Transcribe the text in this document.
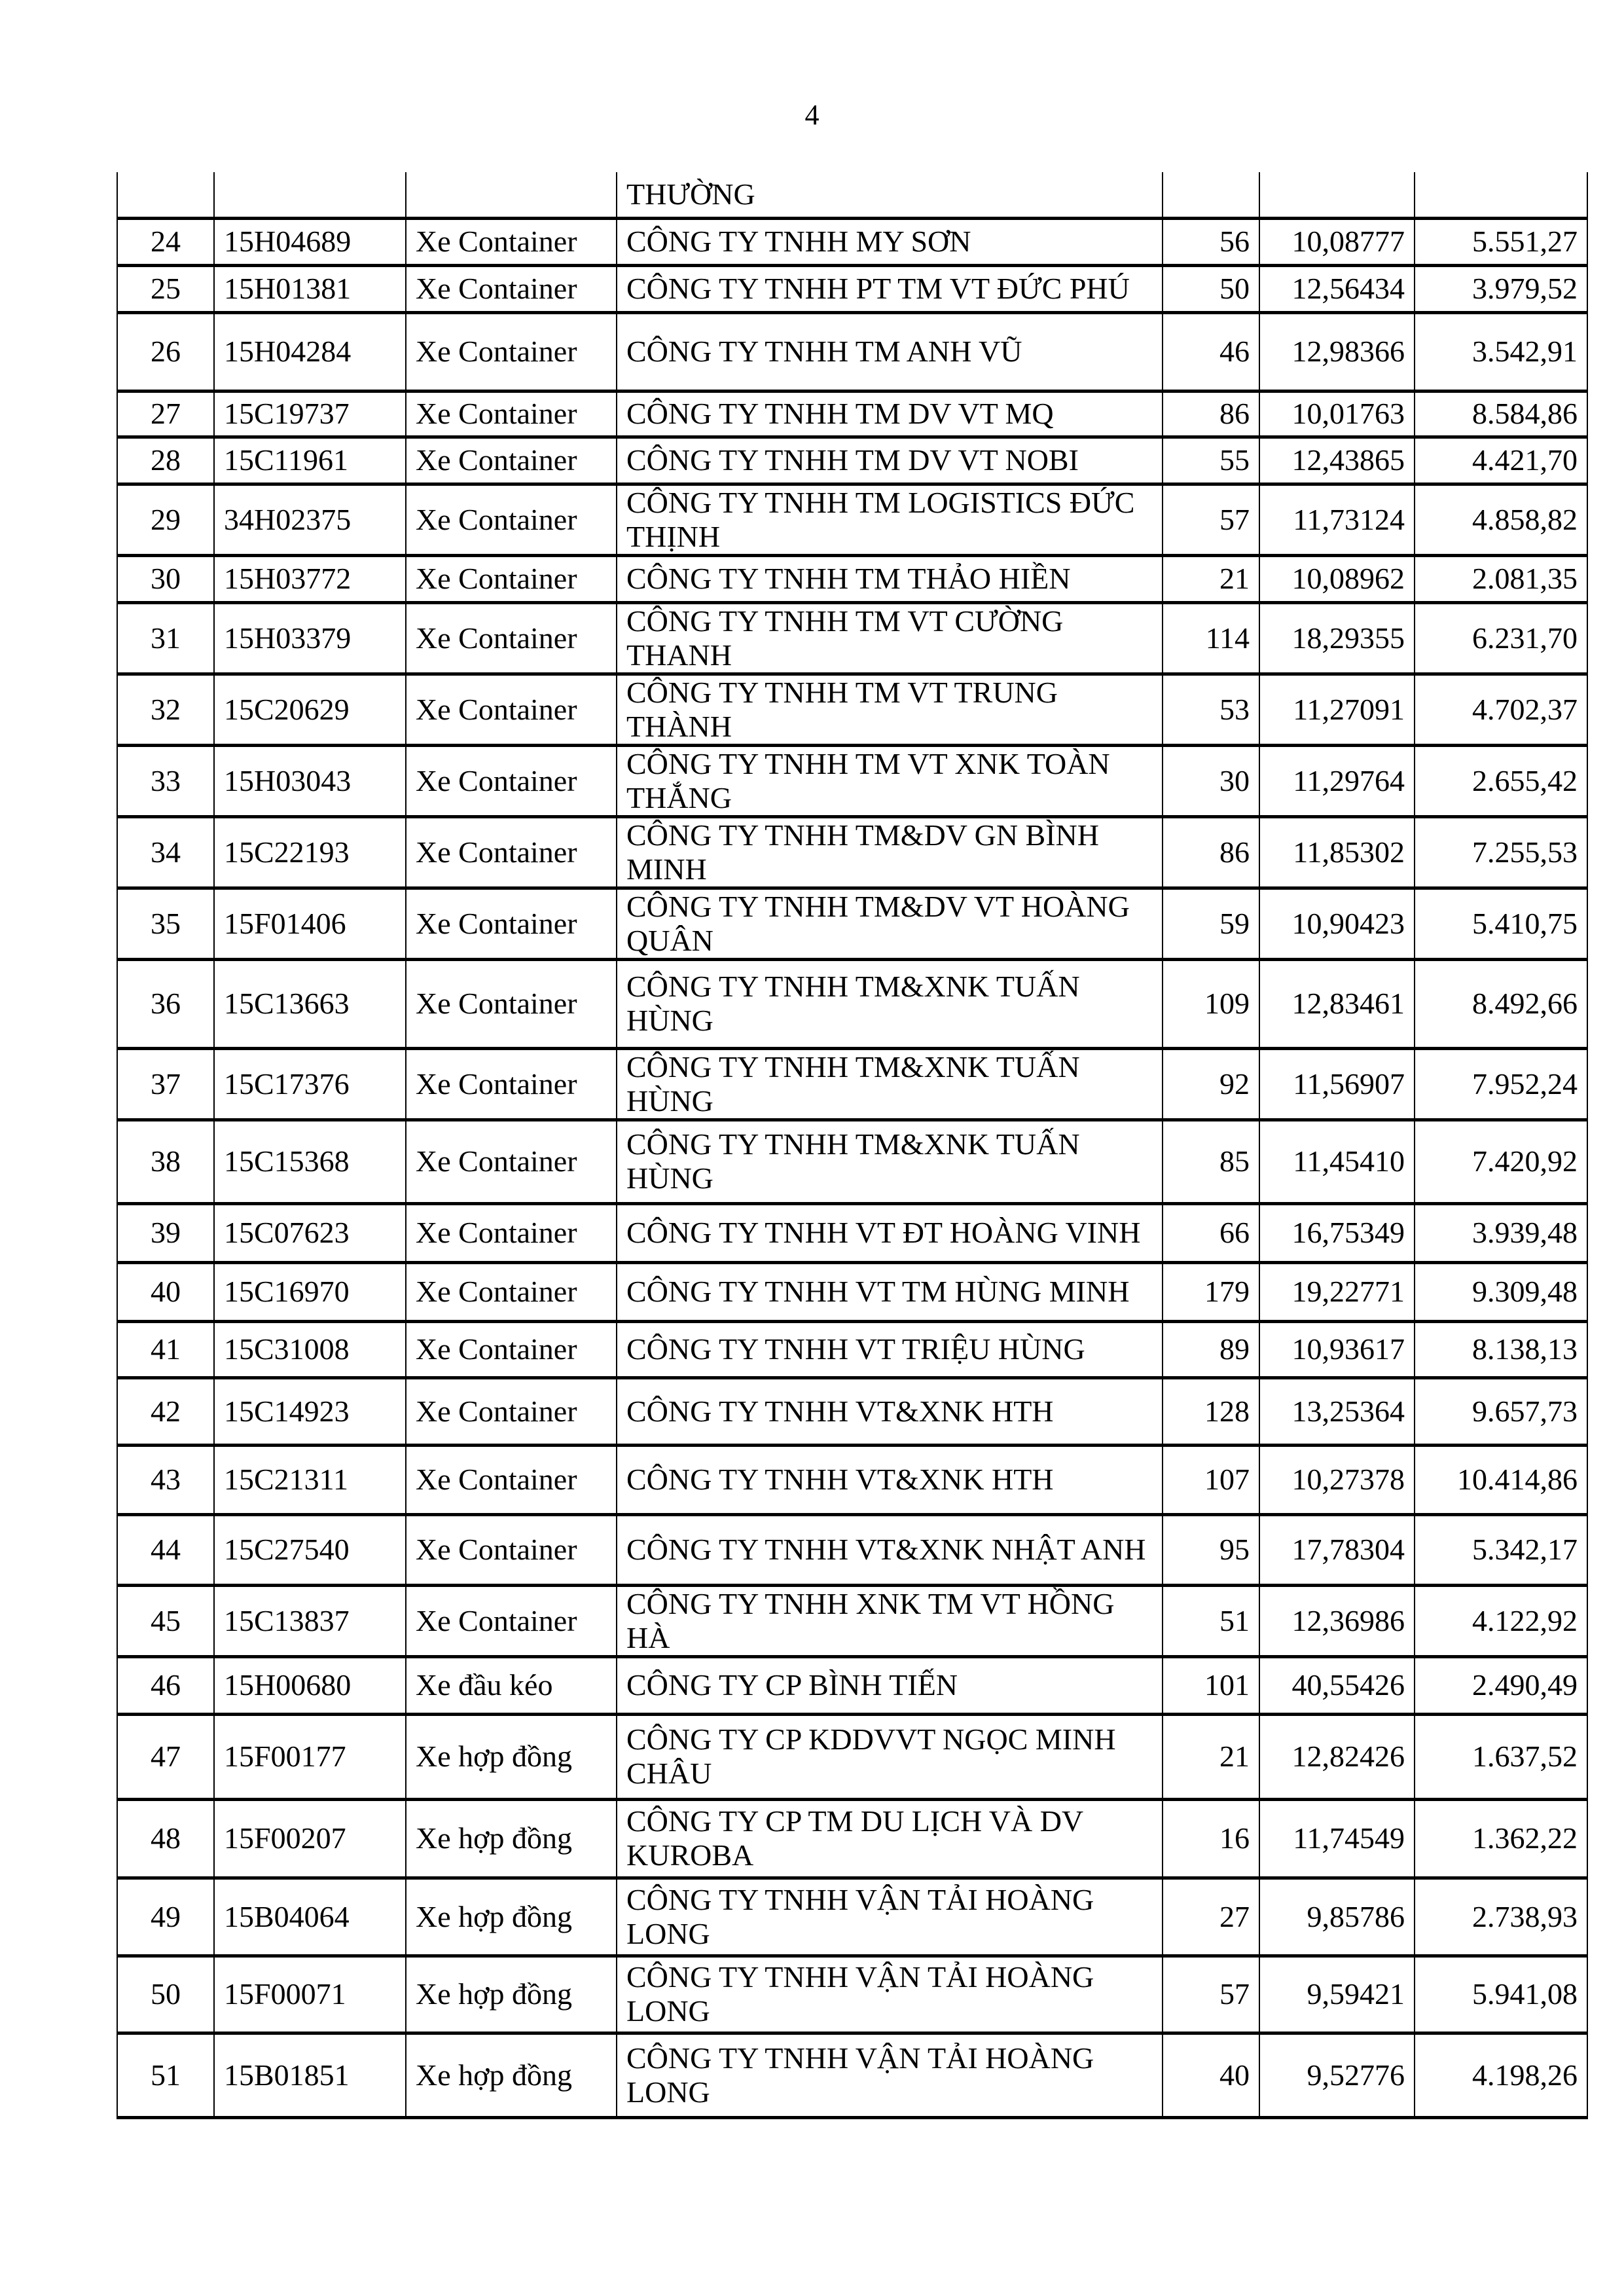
4
			THƯỜNG			
24	15H04689	Xe Container	CÔNG TY TNHH MY SƠN	56	10,08777	5.551,27
25	15H01381	Xe Container	CÔNG TY TNHH PT TM VT ĐỨC PHÚ	50	12,56434	3.979,52
26	15H04284	Xe Container	CÔNG TY TNHH TM ANH VŨ	46	12,98366	3.542,91
27	15C19737	Xe Container	CÔNG TY TNHH TM DV VT MQ	86	10,01763	8.584,86
28	15C11961	Xe Container	CÔNG TY TNHH TM DV VT NOBI	55	12,43865	4.421,70
29	34H02375	Xe Container	CÔNG TY TNHH TM LOGISTICS ĐỨC THỊNH	57	11,73124	4.858,82
30	15H03772	Xe Container	CÔNG TY TNHH TM THẢO HIỀN	21	10,08962	2.081,35
31	15H03379	Xe Container	CÔNG TY TNHH TM VT CƯỜNG THANH	114	18,29355	6.231,70
32	15C20629	Xe Container	CÔNG TY TNHH TM VT TRUNG THÀNH	53	11,27091	4.702,37
33	15H03043	Xe Container	CÔNG TY TNHH TM VT XNK TOÀN THẮNG	30	11,29764	2.655,42
34	15C22193	Xe Container	CÔNG TY TNHH TM&DV GN BÌNH MINH	86	11,85302	7.255,53
35	15F01406	Xe Container	CÔNG TY TNHH TM&DV VT HOÀNG QUÂN	59	10,90423	5.410,75
36	15C13663	Xe Container	CÔNG TY TNHH TM&XNK TUẤN HÙNG	109	12,83461	8.492,66
37	15C17376	Xe Container	CÔNG TY TNHH TM&XNK TUẤN HÙNG	92	11,56907	7.952,24
38	15C15368	Xe Container	CÔNG TY TNHH TM&XNK TUẤN HÙNG	85	11,45410	7.420,92
39	15C07623	Xe Container	CÔNG TY TNHH VT ĐT HOÀNG VINH	66	16,75349	3.939,48
40	15C16970	Xe Container	CÔNG TY TNHH VT TM HÙNG MINH	179	19,22771	9.309,48
41	15C31008	Xe Container	CÔNG TY TNHH VT TRIỆU HÙNG	89	10,93617	8.138,13
42	15C14923	Xe Container	CÔNG TY TNHH VT&XNK HTH	128	13,25364	9.657,73
43	15C21311	Xe Container	CÔNG TY TNHH VT&XNK HTH	107	10,27378	10.414,86
44	15C27540	Xe Container	CÔNG TY TNHH VT&XNK NHẬT ANH	95	17,78304	5.342,17
45	15C13837	Xe Container	CÔNG TY TNHH XNK TM VT HỒNG HÀ	51	12,36986	4.122,92
46	15H00680	Xe đầu kéo	CÔNG TY CP BÌNH TIẾN	101	40,55426	2.490,49
47	15F00177	Xe hợp đồng	CÔNG TY CP KDDVVT NGỌC MINH CHÂU	21	12,82426	1.637,52
48	15F00207	Xe hợp đồng	CÔNG TY CP TM DU LỊCH VÀ DV KUROBA	16	11,74549	1.362,22
49	15B04064	Xe hợp đồng	CÔNG TY TNHH VẬN TẢI HOÀNG LONG	27	9,85786	2.738,93
50	15F00071	Xe hợp đồng	CÔNG TY TNHH VẬN TẢI HOÀNG LONG	57	9,59421	5.941,08
51	15B01851	Xe hợp đồng	CÔNG TY TNHH VẬN TẢI HOÀNG LONG	40	9,52776	4.198,26
